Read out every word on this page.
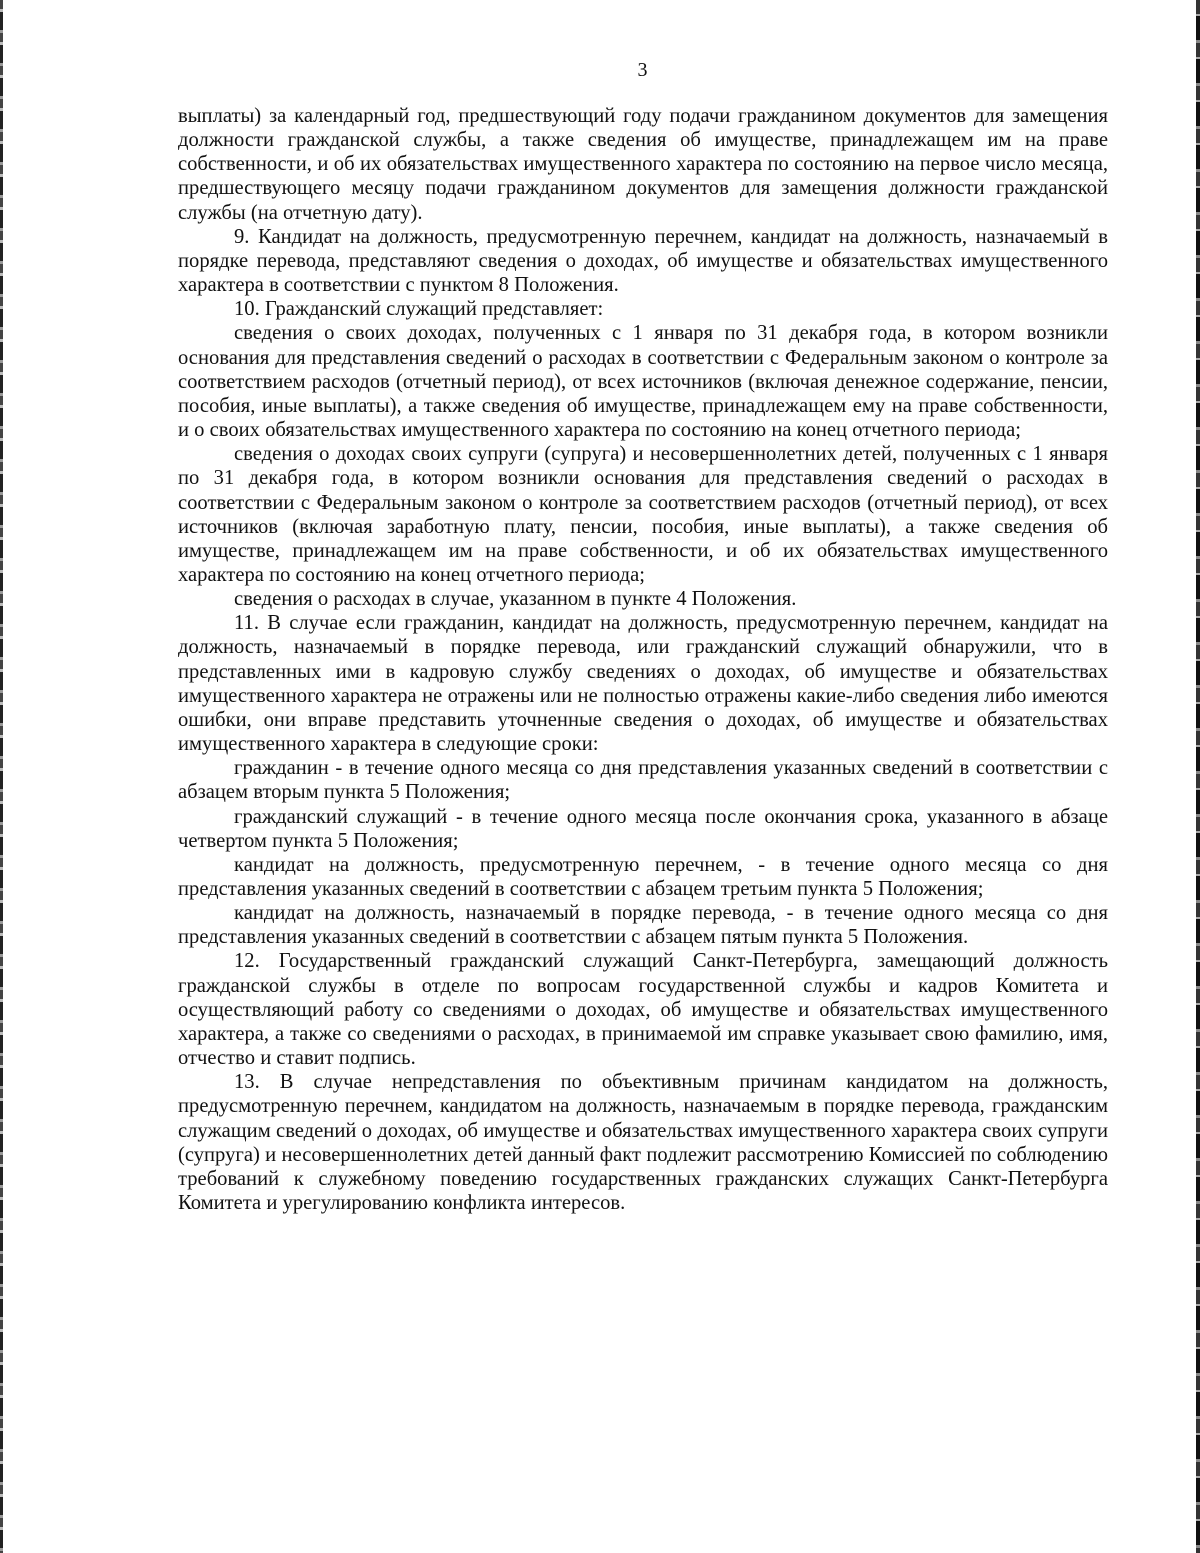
3

выплаты) за календарный год, предшествующий году подачи гражданином документов для замещения должности гражданской службы, а также сведения об имуществе, принадлежащем им на праве собственности, и об их обязательствах имущественного характера по состоянию на первое число месяца, предшествующего месяцу подачи гражданином документов для замещения должности гражданской службы (на отчетную дату).

9. Кандидат на должность, предусмотренную перечнем, кандидат на должность, назначаемый в порядке перевода, представляют сведения о доходах, об имуществе и обязательствах имущественного характера в соответствии с пунктом 8 Положения.

10. Гражданский служащий представляет:

сведения о своих доходах, полученных с 1 января по 31 декабря года, в котором возникли основания для представления сведений о расходах в соответствии с Федеральным законом о контроле за соответствием расходов (отчетный период), от всех источников (включая денежное содержание, пенсии, пособия, иные выплаты), а также сведения об имуществе, принадлежащем ему на праве собственности, и о своих обязательствах имущественного характера по состоянию на конец отчетного периода;

сведения о доходах своих супруги (супруга) и несовершеннолетних детей, полученных с 1 января по 31 декабря года, в котором возникли основания для представления сведений о расходах в соответствии с Федеральным законом о контроле за соответствием расходов (отчетный период), от всех источников (включая заработную плату, пенсии, пособия, иные выплаты), а также сведения об имуществе, принадлежащем им на праве собственности, и об их обязательствах имущественного характера по состоянию на конец отчетного периода;

сведения о расходах в случае, указанном в пункте 4 Положения.

11. В случае если гражданин, кандидат на должность, предусмотренную перечнем, кандидат на должность, назначаемый в порядке перевода, или гражданский служащий обнаружили, что в представленных ими в кадровую службу сведениях о доходах, об имуществе и обязательствах имущественного характера не отражены или не полностью отражены какие-либо сведения либо имеются ошибки, они вправе представить уточненные сведения о доходах, об имуществе и обязательствах имущественного характера в следующие сроки:

гражданин - в течение одного месяца со дня представления указанных сведений в соответствии с абзацем вторым пункта 5 Положения;

гражданский служащий - в течение одного месяца после окончания срока, указанного в абзаце четвертом пункта 5 Положения;

кандидат на должность, предусмотренную перечнем, - в течение одного месяца со дня представления указанных сведений в соответствии с абзацем третьим пункта 5 Положения;

кандидат на должность, назначаемый в порядке перевода, - в течение одного месяца со дня представления указанных сведений в соответствии с абзацем пятым пункта 5 Положения.

12. Государственный гражданский служащий Санкт-Петербурга, замещающий должность гражданской службы в отделе по вопросам государственной службы и кадров Комитета и осуществляющий работу со сведениями о доходах, об имуществе и обязательствах имущественного характера, а также со сведениями о расходах, в принимаемой им справке указывает свою фамилию, имя, отчество и ставит подпись.

13. В случае непредставления по объективным причинам кандидатом на должность, предусмотренную перечнем, кандидатом на должность, назначаемым в порядке перевода, гражданским служащим сведений о доходах, об имуществе и обязательствах имущественного характера своих супруги (супруга) и несовершеннолетних детей данный факт подлежит рассмотрению Комиссией по соблюдению требований к служебному поведению государственных гражданских служащих Санкт-Петербурга Комитета и урегулированию конфликта интересов.
